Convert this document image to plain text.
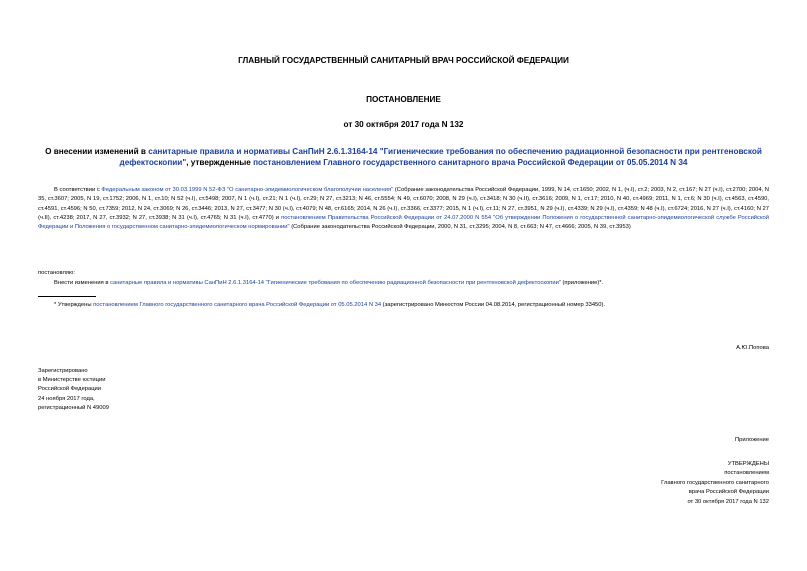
ГЛАВНЫЙ ГОСУДАРСТВЕННЫЙ САНИТАРНЫЙ ВРАЧ РОССИЙСКОЙ ФЕДЕРАЦИИ
ПОСТАНОВЛЕНИЕ
от 30 октября 2017 года N 132
О внесении изменений в санитарные правила и нормативы СанПиН 2.6.1.3164-14 "Гигиенические требования по обеспечению радиационной безопасности при рентгеновской дефектоскопии", утвержденные постановлением Главного государственного санитарного врача Российской Федерации от 05.05.2014 N 34
В соответствии с Федеральным законом от 30.03.1999 N 52-ФЗ "О санитарно-эпидемиологическом благополучии населения" (Собрание законодательства Российской Федерации, 1999, N 14, ст.1650; 2002, N 1, (ч.I), ст.2; 2003, N 2, ст.167; N 27 (ч.I), ст.2700; 2004, N 35, ст.3607; 2005, N 19, ст.1752; 2006, N 1, ст.10; N 52 (ч.I), ст.5498; 2007, N 1 (ч.I), ст.21; N 1 (ч.I), ст.29; N 27, ст.3213; N 46, ст.5554; N 49, ст.6070; 2008, N 29 (ч.I), ст.3418; N 30 (ч.II), ст.3616; 2009, N 1, ст.17; 2010, N 40, ст.4969; 2011, N 1, ст.6; N 30 (ч.I), ст.4563, ст.4590, ст.4591, ст.4596; N 50, ст.7359; 2012, N 24, ст.3069; N 26, ст.3446; 2013, N 27, ст.3477; N 30 (ч.I), ст.4079; N 48, ст.6165; 2014, N 26 (ч.I), ст.3366, ст.3377; 2015, N 1 (ч.I), ст.11; N 27, ст.3951, N 29 (ч.I), ст.4339; N 29 (ч.I), ст.4359; N 48 (ч.I), ст.6724; 2016, N 27 (ч.I), ст.4160; N 27 (ч.II), ст.4238; 2017, N 27, ст.3932; N 27, ст.3938; N 31 (ч.I), ст.4765; N 31 (ч.I), ст.4770) и постановлением Правительства Российской Федерации от 24.07.2000 N 554 "Об утверждении Положения о государственной санитарно-эпидемиологической службе Российской Федерации и Положения о государственном санитарно-эпидемиологическом нормировании" (Собрание законодательства Российской Федерации, 2000, N 31, ст.3295; 2004, N 8, ст.663; N 47, ст.4666; 2005, N 39, ст.3953)
постановляю:
Внести изменения в санитарные правила и нормативы СанПиН 2.6.1.3164-14 "Гигиенические требования по обеспечению радиационной безопасности при рентгеновской дефектоскопии" (приложение)*.
* Утверждены постановлением Главного государственного санитарного врача Российской Федерации от 05.05.2014 N 34 (зарегистрировано Минюстом России 04.08.2014, регистрационный номер 33450).
А.Ю.Попова
Зарегистрировано
в Министерстве юстиции
Российской Федерации
24 ноября 2017 года,
регистрационный N 49009
Приложение
УТВЕРЖДЕНЫ
постановлением
Главного государственного санитарного
врача Российской Федерации
от 30 октября 2017 года N 132
